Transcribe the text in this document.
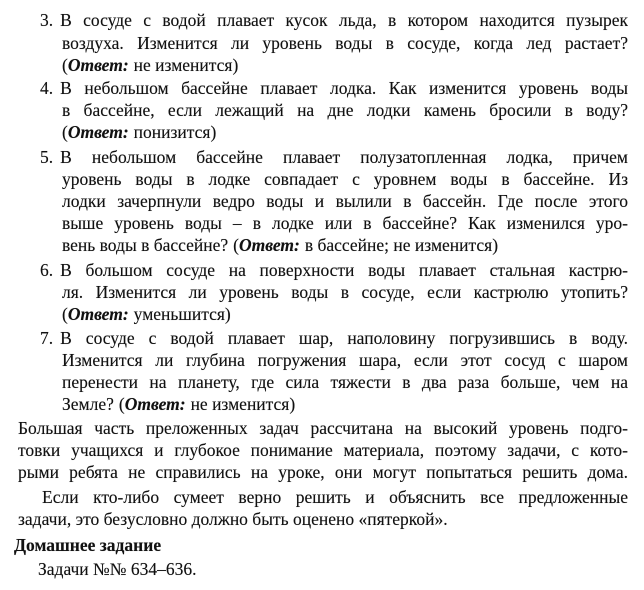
3. В сосуде с водой плавает кусок льда, в котором находится пузырек
воздуха. Изменится ли уровень воды в сосуде, когда лед растает?
(Ответ: не изменится)
4. В небольшом бассейне плавает лодка. Как изменится уровень воды
в бассейне, если лежащий на дне лодки камень бросили в воду?
(Ответ: понизится)
5. В небольшом бассейне плавает полузатопленная лодка, причем
уровень воды в лодке совпадает с уровнем воды в бассейне. Из
лодки зачерпнули ведро воды и вылили в бассейн. Где после этого
выше уровень воды – в лодке или в бассейне? Как изменился уро-
вень воды в бассейне? (Ответ: в бассейне; не изменится)
6. В большом сосуде на поверхности воды плавает стальная кастрю-
ля. Изменится ли уровень воды в сосуде, если кастрюлю утопить?
(Ответ: уменьшится)
7. В сосуде с водой плавает шар, наполовину погрузившись в воду.
Изменится ли глубина погружения шара, если этот сосуд с шаром
перенести на планету, где сила тяжести в два раза больше, чем на
Земле? (Ответ: не изменится)
Большая часть преложенных задач рассчитана на высокий уровень подго-
товки учащихся и глубокое понимание материала, поэтому задачи, с кото-
рыми ребята не справились на уроке, они могут попытаться решить дома.
Если кто-либо сумеет верно решить и объяснить все предложенные
задачи, это безусловно должно быть оценено «пятеркой».
Домашнее задание
Задачи №№ 634–636.
